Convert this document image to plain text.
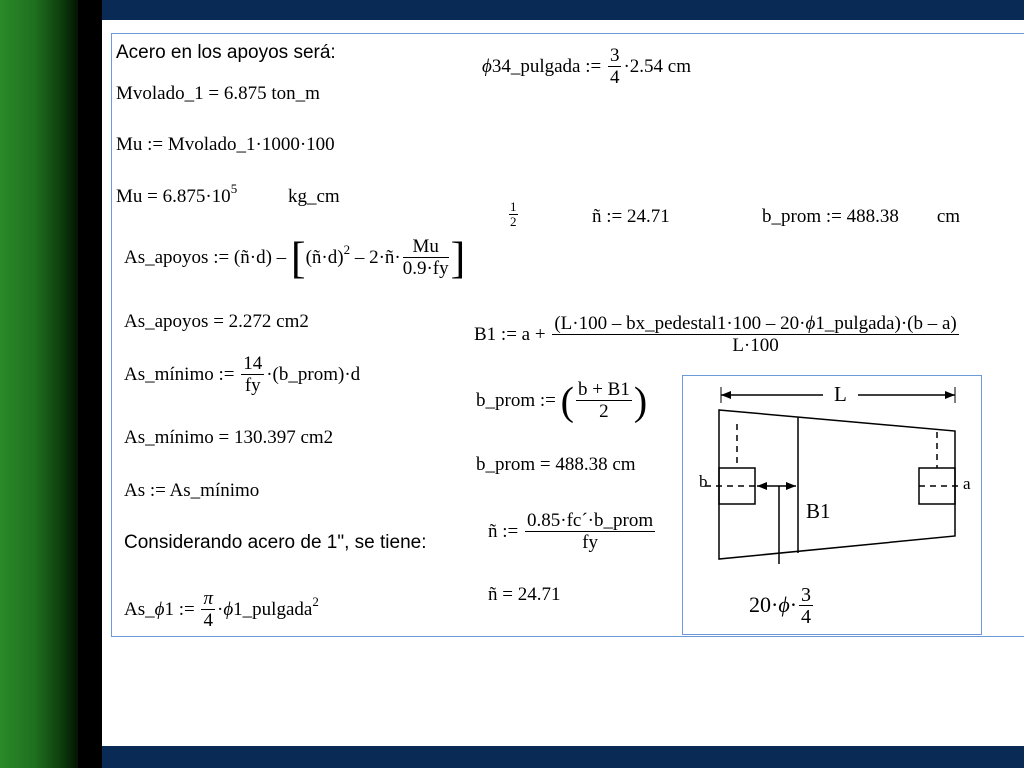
Acero en los apoyos será:
Mvolado_1 = 6.875 ton_m
Mu := Mvolado_1·1000·100
$Mu = 6.875\cdot 10^5$	kg_cm
As_apoyos := (ñ·d) – [(ñ·d)$^2$ – 2·ñ· $\frac{Mu}{0.9\cdot fy}$ ]
1
2
As_apoyos = 2.272 cm2
As_mínimo := $\frac{14}{fy}$ ·(b_prom)·d
As_mínimo = 130.397 cm2
As := As_mínimo
Considerando acero de 1", se tiene:
As_ϕ1 := $\frac{\pi}{4}$ ·ϕ1_pulgada$^2$
ϕ34_pulgada := $\frac{3}{4} \cdot 2.54$ cm
ñ := 24.71	b_prom := 488.38 cm
B1 := $a + \frac{\text{(L·100 – bx\_pedestal1·100 – 20·ϕ1\_pulgada)·(b – a)}}{L\cdot 100}$
b_prom := ( $\frac{b + B1}{2}$ )
b_prom = 488.38 cm
ñ := $\frac{\text{0.85·fc´·b\_prom}}{fy}$
ñ = 24.71
L
b	a
B1
$20\cdot\phi\cdot \frac{3}{4}$
